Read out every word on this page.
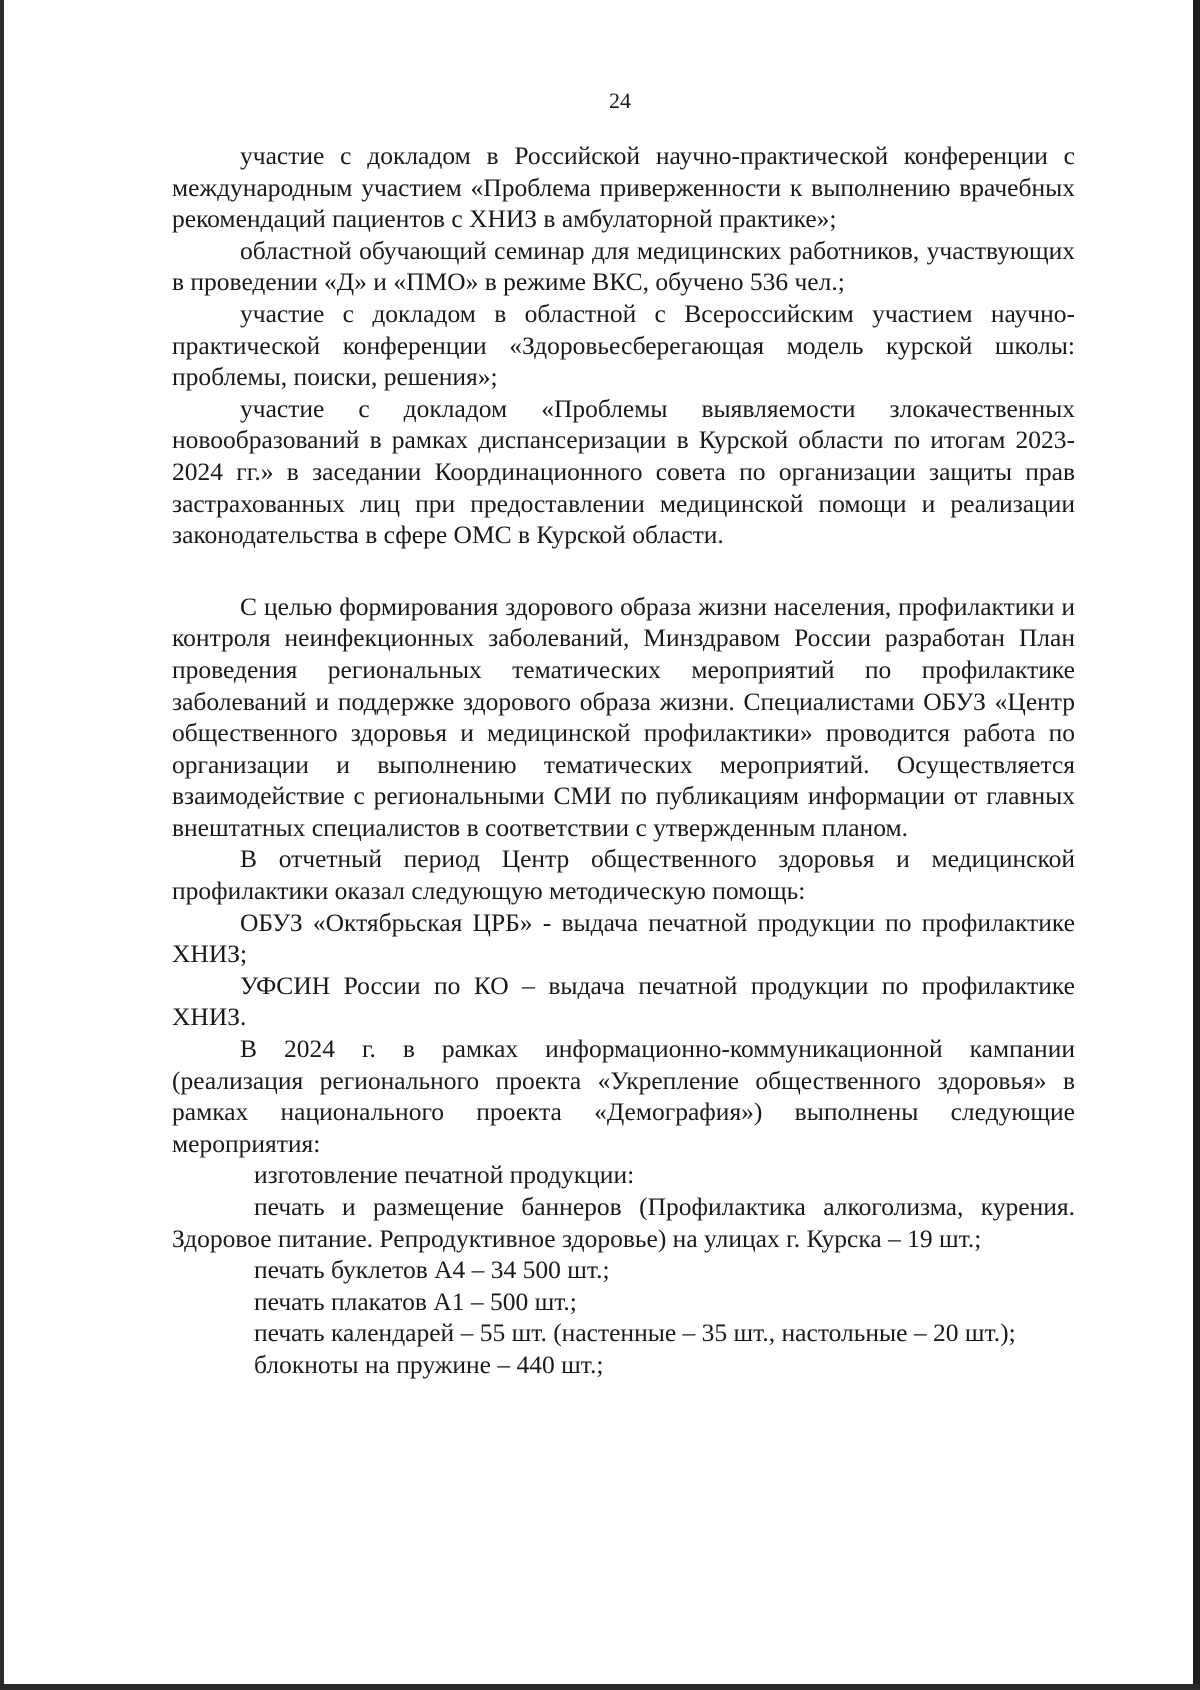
24

участие с докладом в Российской научно-практической конференции с международным участием «Проблема приверженности к выполнению врачебных рекомендаций пациентов с ХНИЗ в амбулаторной практике»;

областной обучающий семинар для медицинских работников, участвующих в проведении «Д» и «ПМО» в режиме ВКС, обучено 536 чел.;

участие с докладом в областной с Всероссийским участием научно-практической конференции «Здоровьесберегающая модель курской школы: проблемы, поиски, решения»;

участие с докладом «Проблемы выявляемости злокачественных новообразований в рамках диспансеризации в Курской области по итогам 2023-2024 гг.» в заседании Координационного совета по организации защиты прав застрахованных лиц при предоставлении медицинской помощи и реализации законодательства в сфере ОМС в Курской области.

С целью формирования здорового образа жизни населения, профилактики и контроля неинфекционных заболеваний, Минздравом России разработан План проведения региональных тематических мероприятий по профилактике заболеваний и поддержке здорового образа жизни. Специалистами ОБУЗ «Центр общественного здоровья и медицинской профилактики» проводится работа по организации и выполнению тематических мероприятий. Осуществляется взаимодействие с региональными СМИ по публикациям информации от главных внештатных специалистов в соответствии с утвержденным планом.

В отчетный период Центр общественного здоровья и медицинской профилактики оказал следующую методическую помощь:

ОБУЗ «Октябрьская ЦРБ» - выдача печатной продукции по профилактике ХНИЗ;

УФСИН России по КО – выдача печатной продукции по профилактике ХНИЗ.

В 2024 г. в рамках информационно-коммуникационной кампании (реализация регионального проекта «Укрепление общественного здоровья» в рамках национального проекта «Демография») выполнены следующие мероприятия:

изготовление печатной продукции:

печать и размещение баннеров (Профилактика алкоголизма, курения. Здоровое питание. Репродуктивное здоровье) на улицах г. Курска – 19 шт.;

печать буклетов А4 – 34 500 шт.;

печать плакатов А1 – 500 шт.;

печать календарей – 55 шт. (настенные – 35 шт., настольные – 20 шт.);

блокноты на пружине – 440 шт.;
